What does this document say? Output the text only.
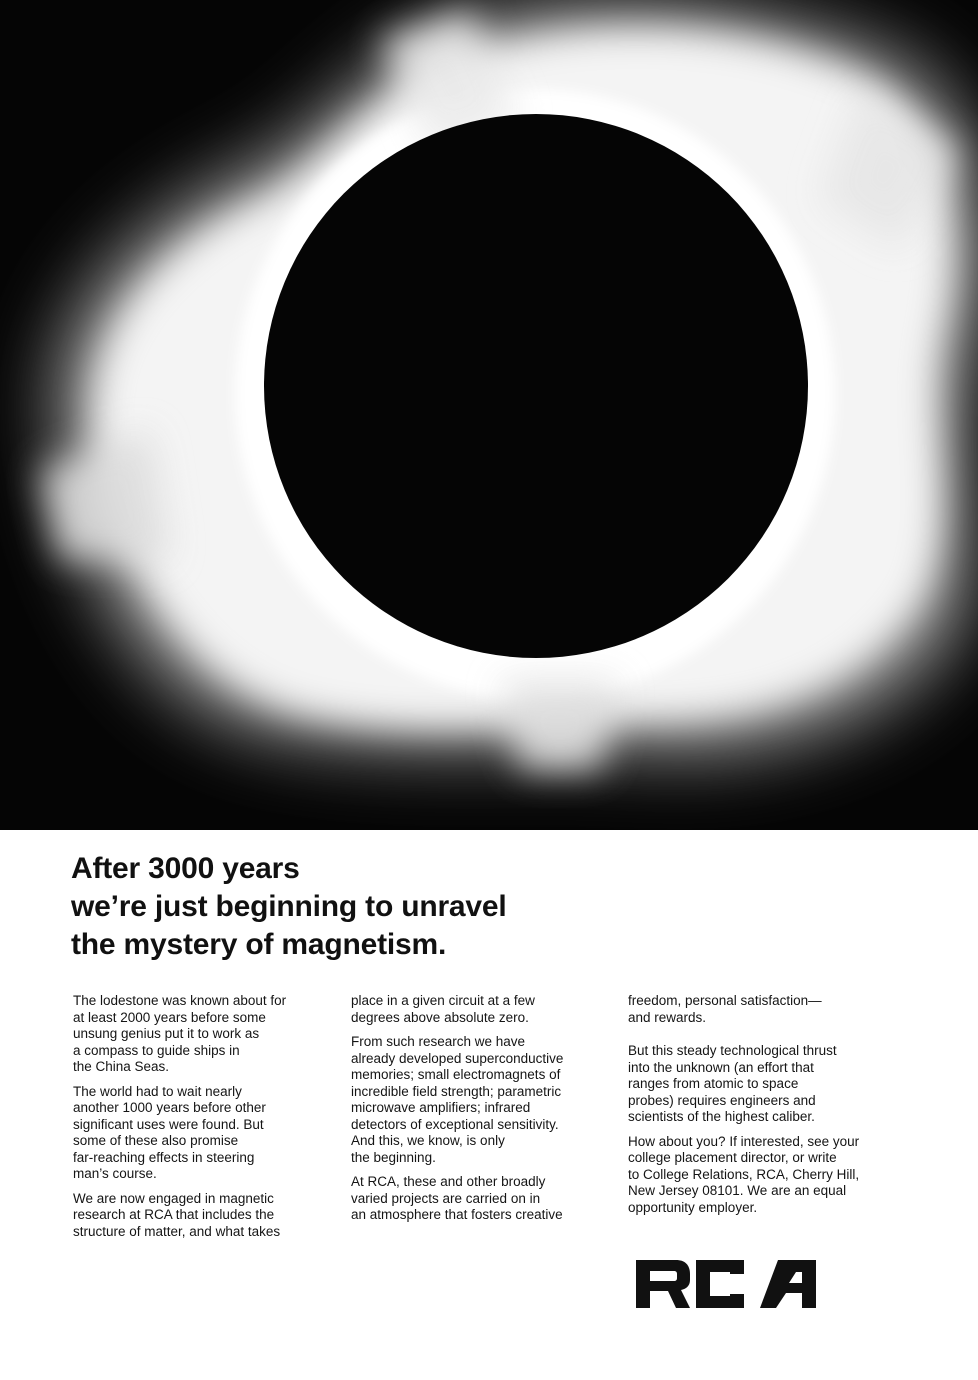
After 3000 years
we’re just beginning to unravel
the mystery of magnetism.

The lodestone was known about for
at least 2000 years before some
unsung genius put it to work as
a compass to guide ships in
the China Seas.

The world had to wait nearly
another 1000 years before other
significant uses were found. But
some of these also promise
far-reaching effects in steering
man’s course.

We are now engaged in magnetic
research at RCA that includes the
structure of matter, and what takes

place in a given circuit at a few
degrees above absolute zero.

From such research we have
already developed superconductive
memories; small electromagnets of
incredible field strength; parametric
microwave amplifiers; infrared
detectors of exceptional sensitivity.
And this, we know, is only
the beginning.

At RCA, these and other broadly
varied projects are carried on in
an atmosphere that fosters creative

freedom, personal satisfaction—
and rewards.

But this steady technological thrust
into the unknown (an effort that
ranges from atomic to space
probes) requires engineers and
scientists of the highest caliber.

How about you? If interested, see your
college placement director, or write
to College Relations, RCA, Cherry Hill,
New Jersey 08101. We are an equal
opportunity employer.
